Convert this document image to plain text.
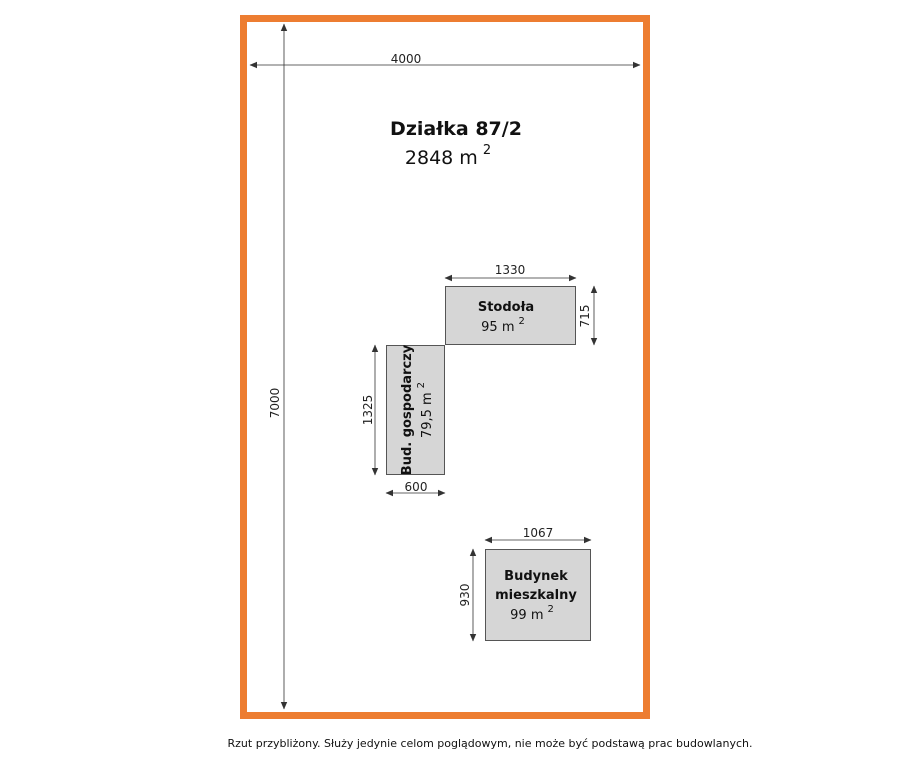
4000
7000
Działka 87/2
2848 m $^2$
1330
715
Stodoła
95 m $^2$
600
1325 Bud. gospodarczy 79,5 $m^2$
1067
930
Budynek
mieszkalny
99 m $^2$
Rzut przybliżony. Służy jedynie celom poglądowym, nie może być podstawą prac budowlanych.
